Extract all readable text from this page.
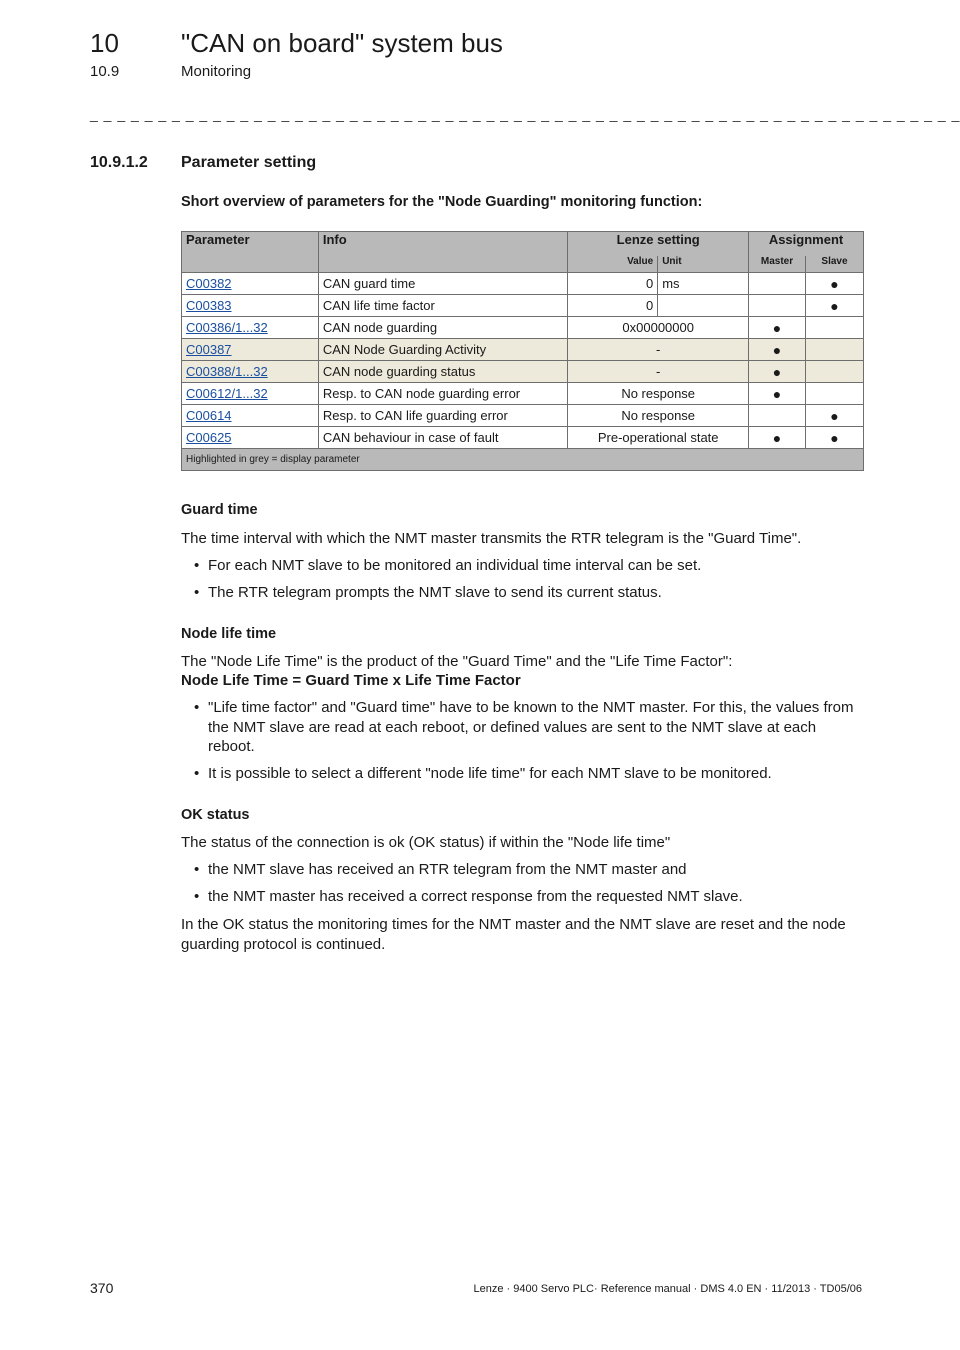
10 "CAN on board" system bus
10.9	Monitoring
_ _ _ _ _ _ _ _ _ _ _ _ _ _ _ _ _ _ _ _ _ _ _ _ _ _ _ _ _ _ _ _ _ _ _ _ _ _ _ _ _ _ _ _ _ _ _ _ _ _ _ _ _ _ _ _ _ _ _ _ _ _ _ _
10.9.1.2 Parameter setting
Short overview of parameters for the "Node Guarding" monitoring function:
Parameter	Info	Lenze setting		Assignment	
		Value	Unit	Master	Slave
C00382	CAN guard time	0	ms		●
C00383	CAN life time factor	0			●
C00386/1...32	CAN node guarding	0x00000000		●	
C00387	CAN Node Guarding Activity	-		●	
C00388/1...32	CAN node guarding status	-		●	
C00612/1...32	Resp. to CAN node guarding error	No response		●	
C00614	Resp. to CAN life guarding error	No response			●
C00625	CAN behaviour in case of fault	Pre-operational state		●	●
Highlighted in grey = display parameter					
Guard time
The time interval with which the NMT master transmits the RTR telegram is the "Guard Time".
• For each NMT slave to be monitored an individual time interval can be set.
• The RTR telegram prompts the NMT slave to send its current status.
Node life time
The "Node Life Time" is the product of the "Guard Time" and the "Life Time Factor":
Node Life Time = Guard Time x Life Time Factor
• "Life time factor" and "Guard time" have to be known to the NMT master. For this, the values from the NMT slave are read at each reboot, or defined values are sent to the NMT slave at each reboot.
• It is possible to select a different "node life time" for each NMT slave to be monitored.
OK status
The status of the connection is ok (OK status) if within the "Node life time"
• the NMT slave has received an RTR telegram from the NMT master and
• the NMT master has received a correct response from the requested NMT slave.
In the OK status the monitoring times for the NMT master and the NMT slave are reset and the node guarding protocol is continued.
370	Lenze · 9400 Servo PLC· Reference manual · DMS 4.0 EN · 11/2013 · TD05/06
